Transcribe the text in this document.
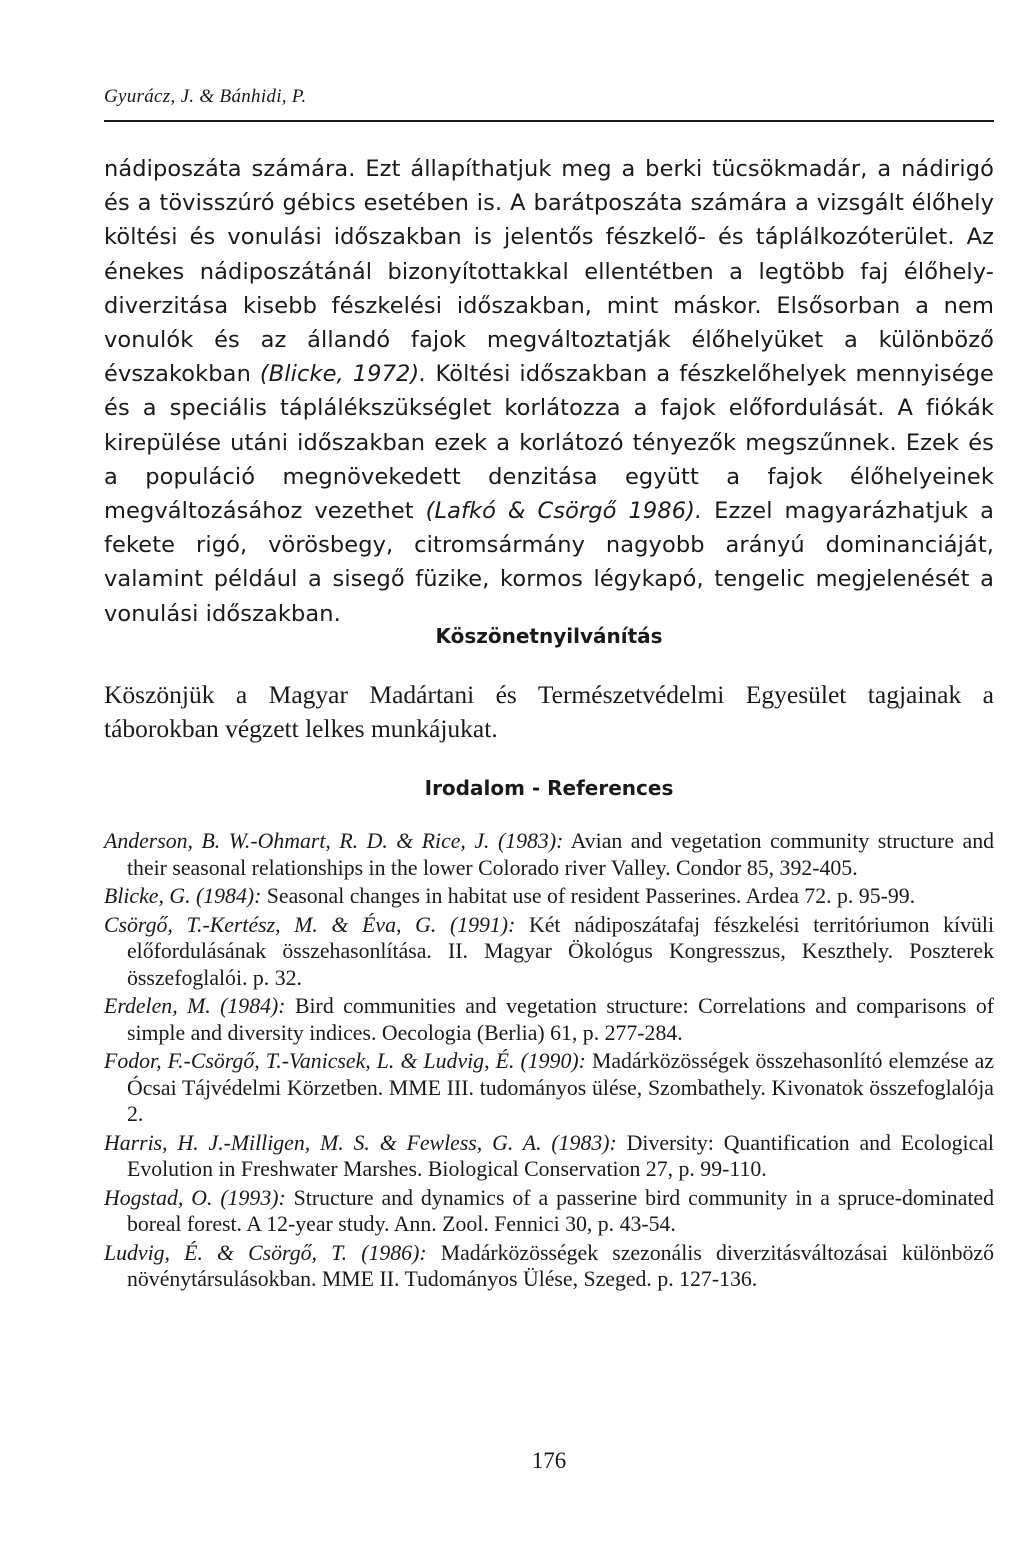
Gyurácz, J. & Bánhidi, P.

nádiposzáta számára. Ezt állapíthatjuk meg a berki tücsökmadár, a nádirigó és a tövisszúró gébics esetében is. A barátposzáta számára a vizsgált élőhely költési és vonulási időszakban is jelentős fészkelő- és táplálkozóterület. Az énekes nádiposzátánál bizonyítottakkal ellentétben a legtöbb faj élőhely-diverzitása kisebb fészkelési időszakban, mint máskor. Elsősorban a nem vonulók és az állandó fajok megváltoztatják élőhelyüket a különböző évszakokban (Blicke, 1972). Költési időszakban a fészkelőhelyek mennyisége és a speciális táplálékszükséglet korlátozza a fajok előfordulását. A fiókák kirepülése utáni időszakban ezek a korlátozó tényezők megszűnnek. Ezek és a populáció megnövekedett denzitása együtt a fajok élőhelyeinek megváltozásához vezethet (Lafkó & Csörgő 1986). Ezzel magyarázhatjuk a fekete rigó, vörösbegy, citromsármány nagyobb arányú dominanciáját, valamint például a sisegő füzike, kormos légykapó, tengelic megjelenését a vonulási időszakban.

Köszönetnyilvánítás

Köszönjük a Magyar Madártani és Természetvédelmi Egyesület tagjainak a táborokban végzett lelkes munkájukat.

Irodalom - References
Anderson, B. W.-Ohmart, R. D. & Rice, J. (1983): Avian and vegetation community structure and their seasonal relationships in the lower Colorado river Valley. Condor 85, 392-405.
Blicke, G. (1984): Seasonal changes in habitat use of resident Passerines. Ardea 72. p. 95-99.
Csörgő, T.-Kertész, M. & Éva, G. (1991): Két nádiposzátafaj fészkelési territóriumon kívüli előfordulásának összehasonlítása. II. Magyar Ökológus Kongresszus, Keszthely. Poszterek összefoglalói. p. 32.
Erdelen, M. (1984): Bird communities and vegetation structure: Correlations and comparisons of simple and diversity indices. Oecologia (Berlia) 61, p. 277-284.
Fodor, F.-Csörgő, T.-Vanicsek, L. & Ludvig, É. (1990): Madárközösségek összehasonlító elemzése az Ócsai Tájvédelmi Körzetben. MME III. tudományos ülése, Szombathely. Kivonatok összefoglalója 2.
Harris, H. J.-Milligen, M. S. & Fewless, G. A. (1983): Diversity: Quantification and Ecological Evolution in Freshwater Marshes. Biological Conservation 27, p. 99-110.
Hogstad, O. (1993): Structure and dynamics of a passerine bird community in a spruce-dominated boreal forest. A 12-year study. Ann. Zool. Fennici 30, p. 43-54.
Ludvig, É. & Csörgő, T. (1986): Madárközösségek szezonális diverzitásváltozásai különböző növénytársulásokban. MME II. Tudományos Ülése, Szeged. p. 127-136.
176
